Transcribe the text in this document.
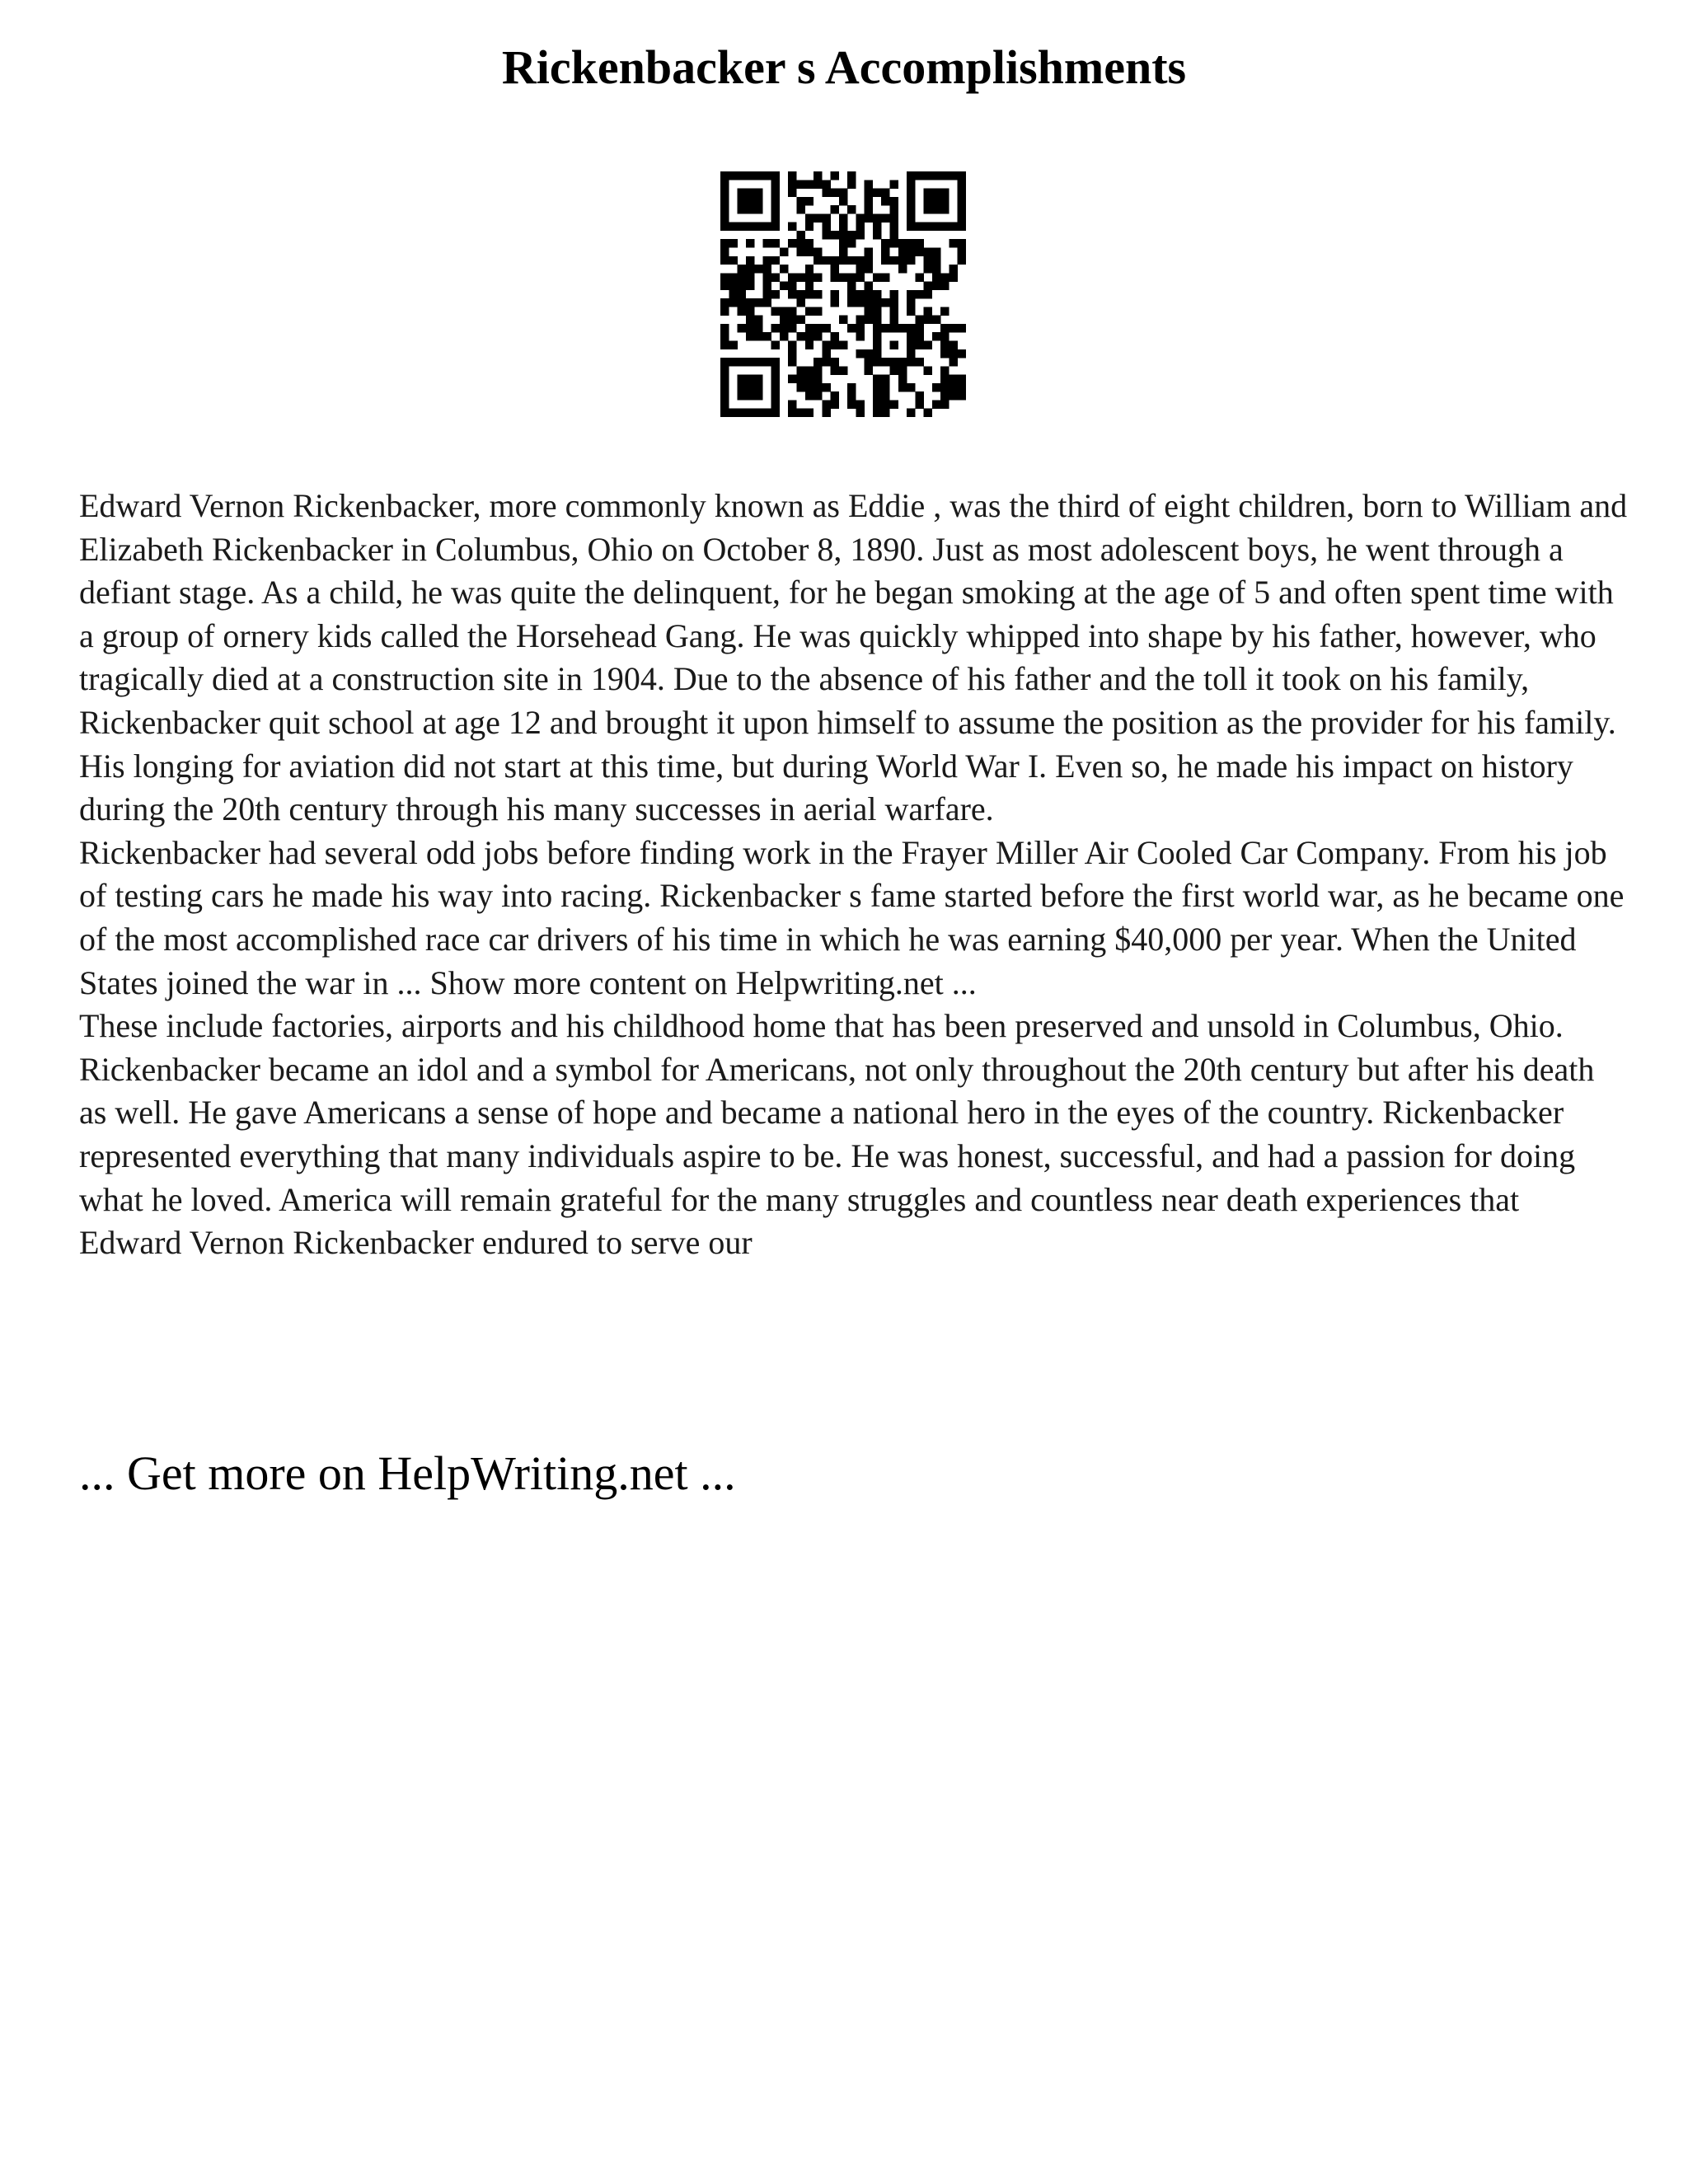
Rickenbacker s Accomplishments

Edward Vernon Rickenbacker, more commonly known as Eddie , was the third of eight children, born to William and Elizabeth Rickenbacker in Columbus, Ohio on October 8, 1890. Just as most adolescent boys, he went through a defiant stage. As a child, he was quite the delinquent, for he began smoking at the age of 5 and often spent time with a group of ornery kids called the Horsehead Gang. He was quickly whipped into shape by his father, however, who tragically died at a construction site in 1904. Due to the absence of his father and the toll it took on his family, Rickenbacker quit school at age 12 and brought it upon himself to assume the position as the provider for his family. His longing for aviation did not start at this time, but during World War I. Even so, he made his impact on history during the 20th century through his many successes in aerial warfare.

Rickenbacker had several odd jobs before finding work in the Frayer Miller Air Cooled Car Company. From his job of testing cars he made his way into racing. Rickenbacker s fame started before the first world war, as he became one of the most accomplished race car drivers of his time in which he was earning $40,000 per year. When the United States joined the war in ... Show more content on Helpwriting.net ...

These include factories, airports and his childhood home that has been preserved and unsold in Columbus, Ohio. Rickenbacker became an idol and a symbol for Americans, not only throughout the 20th century but after his death as well. He gave Americans a sense of hope and became a national hero in the eyes of the country. Rickenbacker represented everything that many individuals aspire to be. He was honest, successful, and had a passion for doing what he loved. America will remain grateful for the many struggles and countless near death experiences that Edward Vernon Rickenbacker endured to serve our

... Get more on HelpWriting.net ...
